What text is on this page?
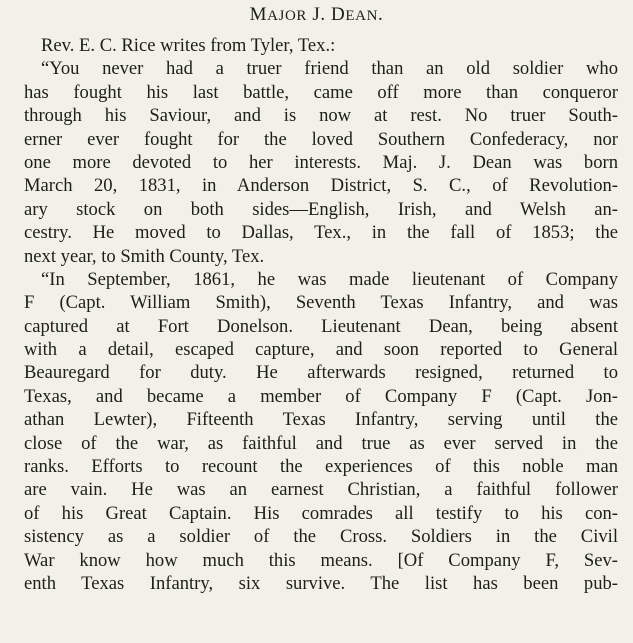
MAJOR J. DEAN.
Rev. E. C. Rice writes from Tyler, Tex.:
“You never had a truer friend than an old soldier who
has fought his last battle, came off more than conqueror
through his Saviour, and is now at rest. No truer South-
erner ever fought for the loved Southern Confederacy, nor
one more devoted to her interests. Maj. J. Dean was born
March 20, 1831, in Anderson District, S. C., of Revolution-
ary stock on both sides—English, Irish, and Welsh an-
cestry. He moved to Dallas, Tex., in the fall of 1853; the
next year, to Smith County, Tex.
“In September, 1861, he was made lieutenant of Company
F (Capt. William Smith), Seventh Texas Infantry, and was
captured at Fort Donelson. Lieutenant Dean, being absent
with a detail, escaped capture, and soon reported to General
Beauregard for duty. He afterwards resigned, returned to
Texas, and became a member of Company F (Capt. Jon-
athan Lewter), Fifteenth Texas Infantry, serving until the
close of the war, as faithful and true as ever served in the
ranks. Efforts to recount the experiences of this noble man
are vain. He was an earnest Christian, a faithful follower
of his Great Captain. His comrades all testify to his con-
sistency as a soldier of the Cross. Soldiers in the Civil
War know how much this means. [Of Company F, Sev-
enth Texas Infantry, six survive. The list has been pub-
